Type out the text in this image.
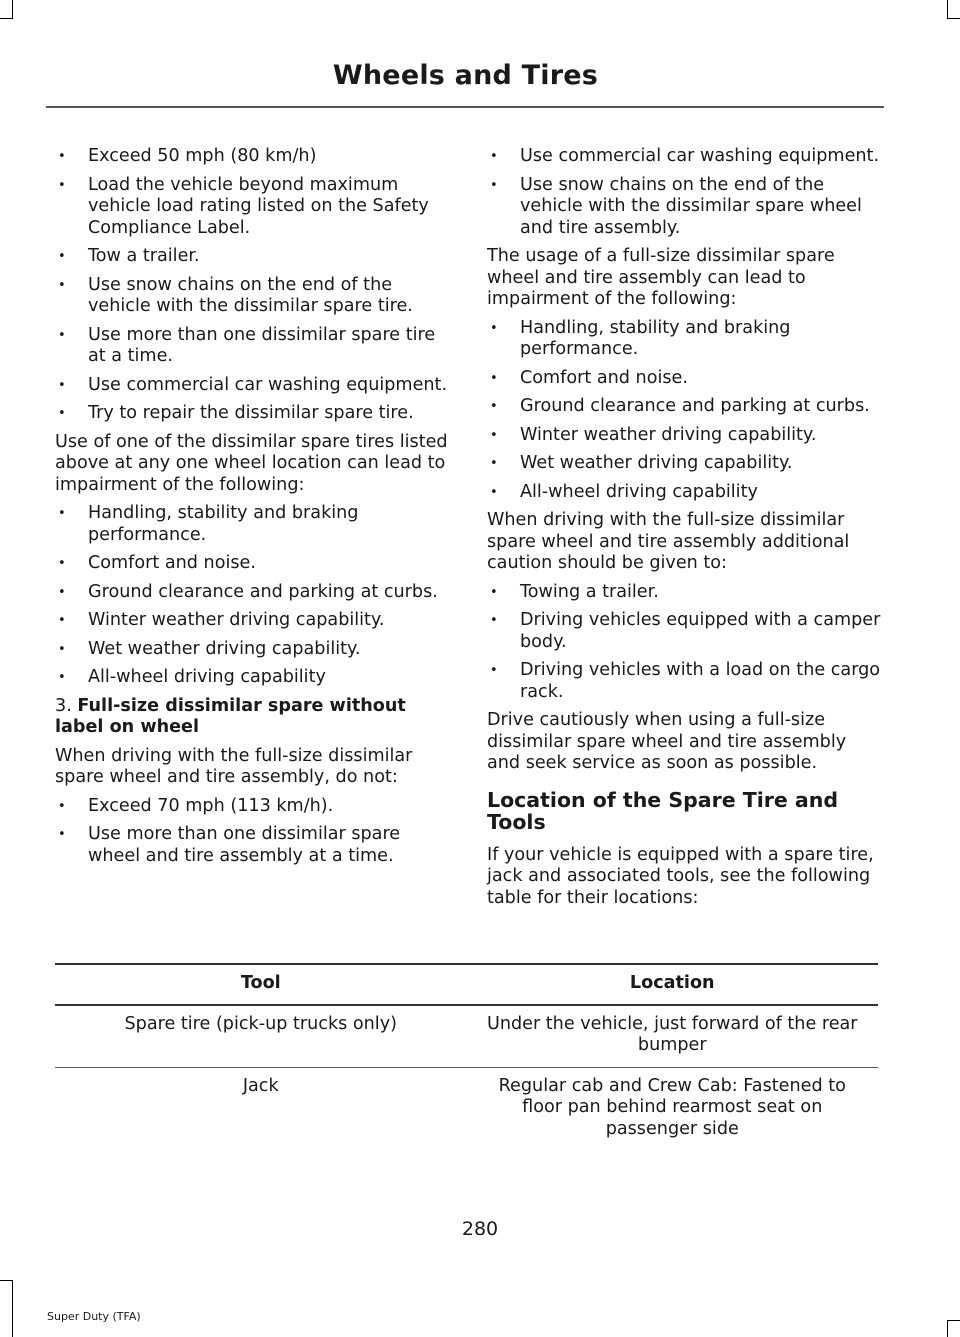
Wheels and Tires
• Exceed 50 mph (80 km/h)
• Load the vehicle beyond maximum vehicle load rating listed on the Safety Compliance Label.
• Tow a trailer.
• Use snow chains on the end of the vehicle with the dissimilar spare tire.
• Use more than one dissimilar spare tire at a time.
• Use commercial car washing equipment.
• Try to repair the dissimilar spare tire.

Use of one of the dissimilar spare tires listed above at any one wheel location can lead to impairment of the following:

• Handling, stability and braking performance.
• Comfort and noise.
• Ground clearance and parking at curbs.
• Winter weather driving capability.
• Wet weather driving capability.
• All-wheel driving capability
3. Full-size dissimilar spare without label on wheel

When driving with the full-size dissimilar spare wheel and tire assembly, do not:

• Exceed 70 mph (113 km/h).
• Use more than one dissimilar spare wheel and tire assembly at a time.
• Use commercial car washing equipment.
• Use snow chains on the end of the vehicle with the dissimilar spare wheel and tire assembly.

The usage of a full-size dissimilar spare wheel and tire assembly can lead to impairment of the following:

• Handling, stability and braking performance.
• Comfort and noise.
• Ground clearance and parking at curbs.
• Winter weather driving capability.
• Wet weather driving capability.
• All-wheel driving capability

When driving with the full-size dissimilar spare wheel and tire assembly additional caution should be given to:

• Towing a trailer.
• Driving vehicles equipped with a camper body.
• Driving vehicles with a load on the cargo rack.

Drive cautiously when using a full-size dissimilar spare wheel and tire assembly and seek service as soon as possible.

Location of the Spare Tire and Tools

If your vehicle is equipped with a spare tire, jack and associated tools, see the following table for their locations:

Tool	Location
Spare tire (pick-up trucks only)	Under the vehicle, just forward of the rear bumper
Jack	Regular cab and Crew Cab: Fastened to floor pan behind rearmost seat on passenger side
280
Super Duty (TFA)
